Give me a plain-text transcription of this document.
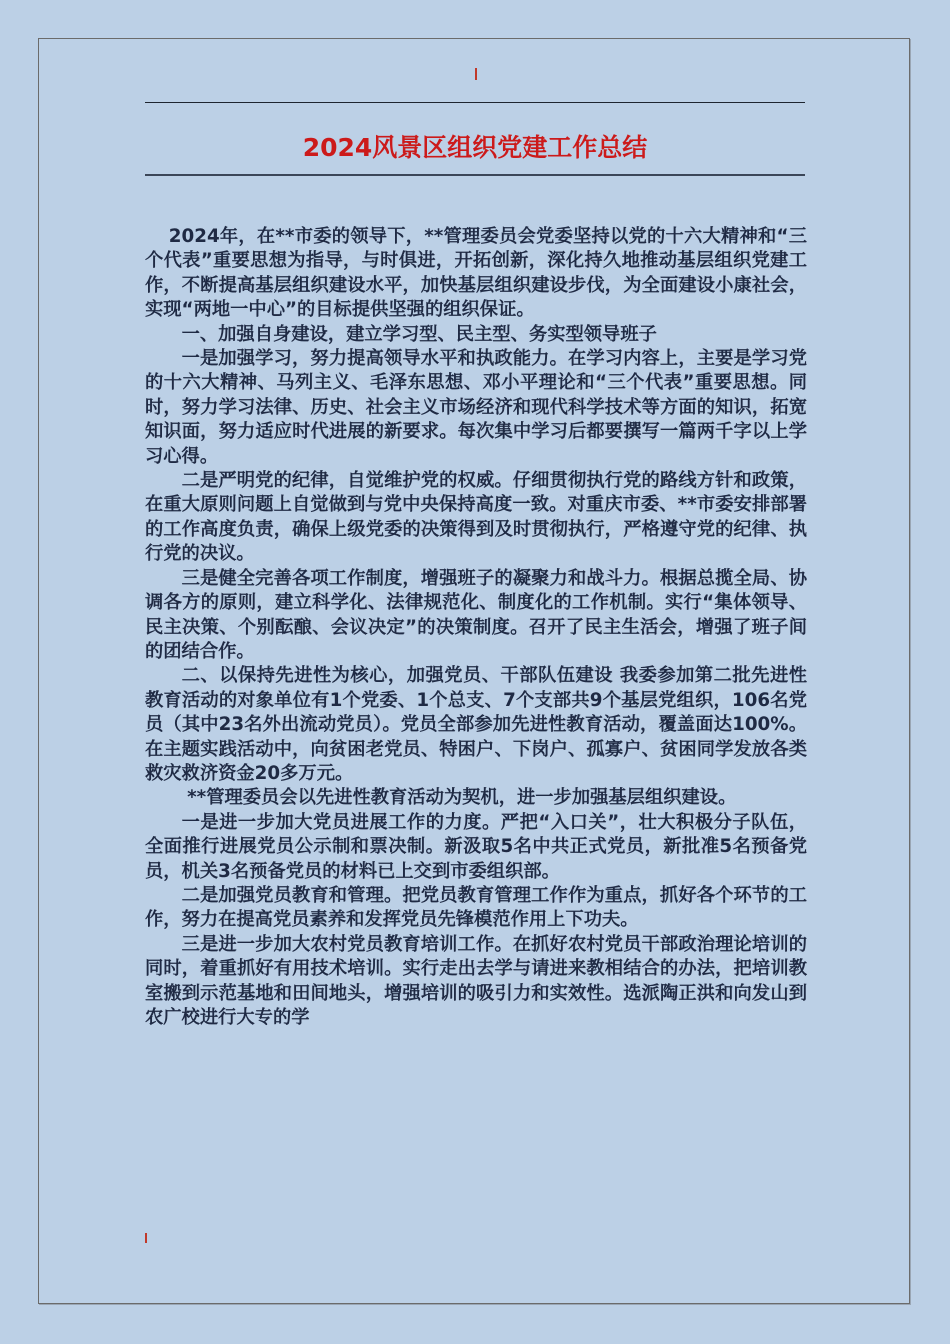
2024风景区组织党建工作总结

2024年，在**市委的领导下，**管理委员会党委坚持以党的十六大精神和“三个代表”重要思想为指导，与时俱进，开拓创新，深化持久地推动基层组织党建工作，不断提高基层组织建设水平，加快基层组织建设步伐，为全面建设小康社会，实现“两地一中心”的目标提供坚强的组织保证。

一、加强自身建设，建立学习型、民主型、务实型领导班子

一是加强学习，努力提高领导水平和执政能力。在学习内容上，主要是学习党的十六大精神、马列主义、毛泽东思想、邓小平理论和“三个代表”重要思想。同时，努力学习法律、历史、社会主义市场经济和现代科学技术等方面的知识，拓宽知识面，努力适应时代进展的新要求。每次集中学习后都要撰写一篇两千字以上学习心得。

二是严明党的纪律，自觉维护党的权威。仔细贯彻执行党的路线方针和政策，在重大原则问题上自觉做到与党中央保持高度一致。对重庆市委、**市委安排部署的工作高度负责，确保上级党委的决策得到及时贯彻执行，严格遵守党的纪律、执行党的决议。

三是健全完善各项工作制度，增强班子的凝聚力和战斗力。根据总揽全局、协调各方的原则，建立科学化、法律规范化、制度化的工作机制。实行“集体领导、民主决策、个别酝酿、会议决定”的决策制度。召开了民主生活会，增强了班子间的团结合作。

二、以保持先进性为核心，加强党员、干部队伍建设 我委参加第二批先进性教育活动的对象单位有1个党委、1个总支、7个支部共9个基层党组织，106名党员（其中23名外出流动党员）。党员全部参加先进性教育活动，覆盖面达100%。在主题实践活动中，向贫困老党员、特困户、下岗户、孤寡户、贫困同学发放各类救灾救济资金20多万元。

**管理委员会以先进性教育活动为契机，进一步加强基层组织建设。

一是进一步加大党员进展工作的力度。严把“入口关”，壮大积极分子队伍，全面推行进展党员公示制和票决制。新汲取5名中共正式党员，新批准5名预备党员，机关3名预备党员的材料已上交到市委组织部。

二是加强党员教育和管理。把党员教育管理工作作为重点，抓好各个环节的工作，努力在提高党员素养和发挥党员先锋模范作用上下功夫。

三是进一步加大农村党员教育培训工作。在抓好农村党员干部政治理论培训的同时，着重抓好有用技术培训。实行走出去学与请进来教相结合的办法，把培训教室搬到示范基地和田间地头，增强培训的吸引力和实效性。选派陶正洪和向发山到农广校进行大专的学
